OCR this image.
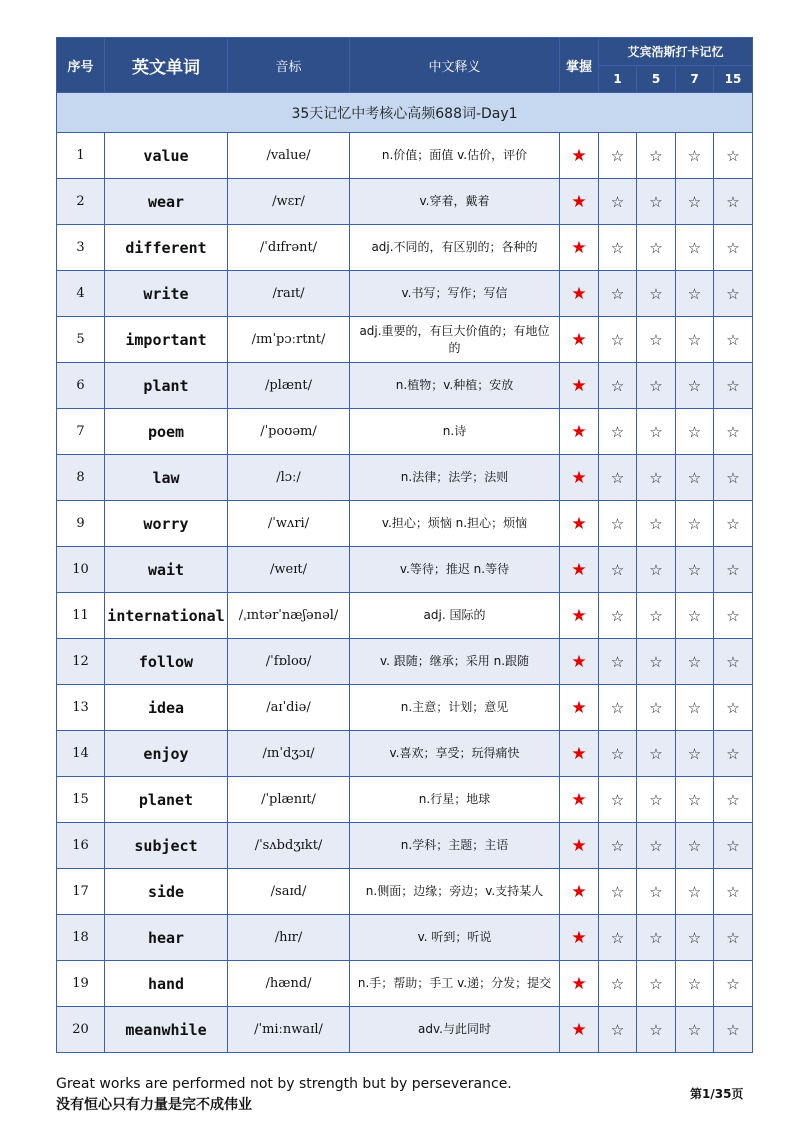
序号	英文单词	音标	中文释义	掌握	艾宾浩斯打卡记忆			
					1	5	7	15
35天记忆中考核心高频688词-Day1								
1	value	/value/	n.价值；面值 v.估价，评价	★	☆	☆	☆	☆
2	wear	/wɛr/	v.穿着，戴着	★	☆	☆	☆	☆
3	different	/ˈdɪfrənt/	adj.不同的，有区别的；各种的	★	☆	☆	☆	☆
4	write	/raɪt/	v.书写；写作；写信	★	☆	☆	☆	☆
5	important	/ɪmˈpɔːrtnt/	adj.重要的，有巨大价值的；有地位的	★	☆	☆	☆	☆
6	plant	/plænt/	n.植物；v.种植；安放	★	☆	☆	☆	☆
7	poem	/ˈpoʊəm/	n.诗	★	☆	☆	☆	☆
8	law	/lɔː/	n.法律；法学；法则	★	☆	☆	☆	☆
9	worry	/ˈwʌri/	v.担心；烦恼 n.担心；烦恼	★	☆	☆	☆	☆
10	wait	/weɪt/	v.等待；推迟 n.等待	★	☆	☆	☆	☆
11	international	/ˌɪntərˈnæʃənəl/	adj. 国际的	★	☆	☆	☆	☆
12	follow	/ˈfɒloʊ/	v. 跟随；继承；采用 n.跟随	★	☆	☆	☆	☆
13	idea	/aɪˈdiə/	n.主意；计划；意见	★	☆	☆	☆	☆
14	enjoy	/ɪnˈdʒɔɪ/	v.喜欢；享受；玩得痛快	★	☆	☆	☆	☆
15	planet	/ˈplænɪt/	n.行星；地球	★	☆	☆	☆	☆
16	subject	/ˈsʌbdʒɪkt/	n.学科；主题；主语	★	☆	☆	☆	☆
17	side	/saɪd/	n.侧面；边缘；旁边；v.支持某人	★	☆	☆	☆	☆
18	hear	/hɪr/	v. 听到；听说	★	☆	☆	☆	☆
19	hand	/hænd/	n.手；帮助；手工 v.递；分发；提交	★	☆	☆	☆	☆
20	meanwhile	/ˈmiːnwaɪl/	adv.与此同时	★	☆	☆	☆	☆
Great works are performed not by strength but by perseverance.
没有恒心只有力量是完不成伟业
第1/35页
